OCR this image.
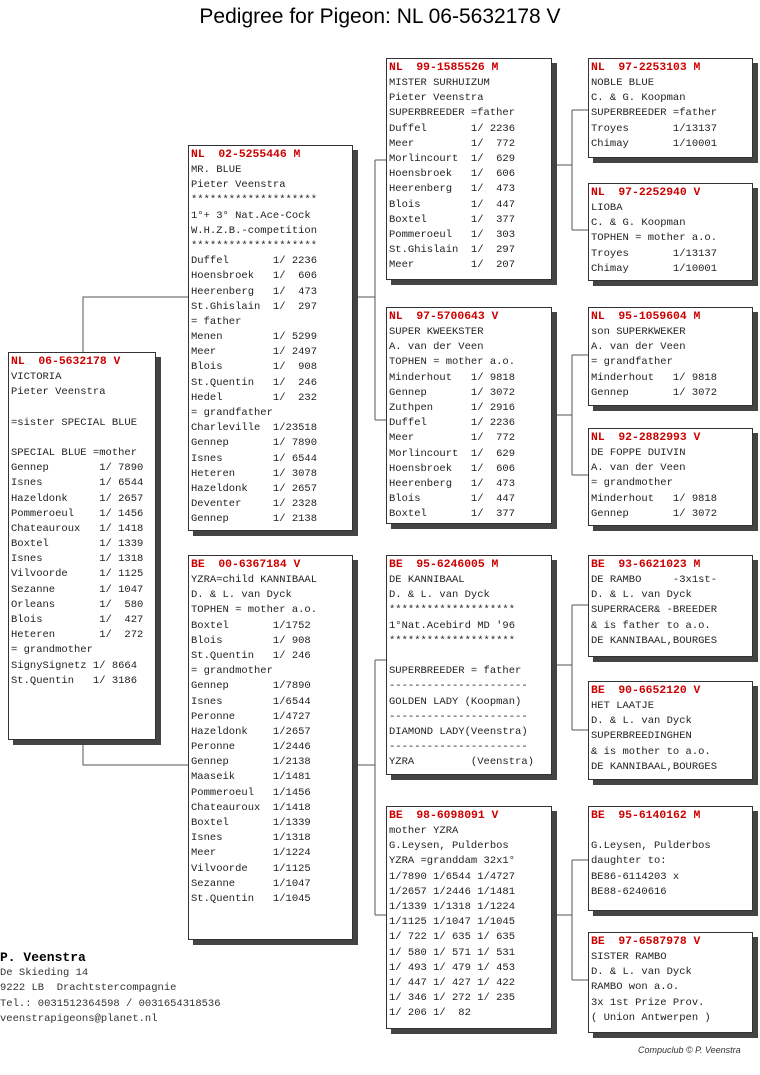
Pedigree for Pigeon: NL 06-5632178 V
NL  06-5632178 V
VICTORIA
Pieter Veenstra
=sister SPECIAL BLUE
SPECIAL BLUE =mother
Gennep        1/ 7890
Isnes         1/ 6544
Hazeldonk     1/ 2657
Pommeroeul    1/ 1456
Chateauroux   1/ 1418
Boxtel        1/ 1339
Isnes         1/ 1318
Vilvoorde     1/ 1125
Sezanne       1/ 1047
Orleans       1/  580
Blois         1/  427
Heteren       1/  272
= grandmother
SignySignetz 1/ 8664
St.Quentin   1/ 3186
NL  02-5255446 M
MR. BLUE
Pieter Veenstra
********************
1°+ 3° Nat.Ace-Cock
W.H.Z.B.-competition
********************
Duffel       1/ 2236
Hoensbroek   1/  606
Heerenberg   1/  473
St.Ghislain  1/  297
= father
Menen        1/ 5299
Meer         1/ 2497
Blois        1/  908
St.Quentin   1/  246
Hedel        1/  232
= grandfather
Charleville  1/23518
Gennep       1/ 7890
Isnes        1/ 6544
Heteren      1/ 3078
Hazeldonk    1/ 2657
Deventer     1/ 2328
Gennep       1/ 2138
BE  00-6367184 V
YZRA=child KANNIBAAL
D. & L. van Dyck
TOPHEN = mother a.o.
Boxtel       1/1752
Blois        1/ 908
St.Quentin   1/ 246
= grandmother
Gennep       1/7890
Isnes        1/6544
Peronne      1/4727
Hazeldonk    1/2657
Peronne      1/2446
Gennep       1/2138
Maaseik      1/1481
Pommeroeul   1/1456
Chateauroux  1/1418
Boxtel       1/1339
Isnes        1/1318
Meer         1/1224
Vilvoorde    1/1125
Sezanne      1/1047
St.Quentin   1/1045
NL  99-1585526 M
MISTER SURHUIZUM
Pieter Veenstra
SUPERBREEDER =father
Duffel       1/ 2236
Meer         1/  772
Morlincourt  1/  629
Hoensbroek   1/  606
Heerenberg   1/  473
Blois        1/  447
Boxtel       1/  377
Pommeroeul   1/  303
St.Ghislain  1/  297
Meer         1/  207
NL  97-5700643 V
SUPER KWEEKSTER
A. van der Veen
TOPHEN = mother a.o.
Minderhout   1/ 9818
Gennep       1/ 3072
Zuthpen      1/ 2916
Duffel       1/ 2236
Meer         1/  772
Morlincourt  1/  629
Hoensbroek   1/  606
Heerenberg   1/  473
Blois        1/  447
Boxtel       1/  377
BE  95-6246005 M
DE KANNIBAAL
D. & L. van Dyck
********************
1°Nat.Acebird MD '96
********************
SUPERBREEDER = father
----------------------
GOLDEN LADY (Koopman)
----------------------
DIAMOND LADY(Veenstra)
----------------------
YZRA         (Veenstra)
BE  98-6098091 V
mother YZRA
G.Leysen, Pulderbos
YZRA =granddam 32x1°
1/7890 1/6544 1/4727
1/2657 1/2446 1/1481
1/1339 1/1318 1/1224
1/1125 1/1047 1/1045
1/ 722 1/ 635 1/ 635
1/ 580 1/ 571 1/ 531
1/ 493 1/ 479 1/ 453
1/ 447 1/ 427 1/ 422
1/ 346 1/ 272 1/ 235
1/ 206 1/  82
NL  97-2253103 M
NOBLE BLUE
C. & G. Koopman
SUPERBREEDER =father
Troyes       1/13137
Chimay       1/10001
NL  97-2252940 V
LIOBA
C. & G. Koopman
TOPHEN = mother a.o.
Troyes       1/13137
Chimay       1/10001
NL  95-1059604 M
son SUPERKWEKER
A. van der Veen
= grandfather
Minderhout   1/ 9818
Gennep       1/ 3072
NL  92-2882993 V
DE FOPPE DUIVIN
A. van der Veen
= grandmother
Minderhout   1/ 9818
Gennep       1/ 3072
BE  93-6621023 M
DE RAMBO     -3x1st-
D. & L. van Dyck
SUPERRACER& -BREEDER
& is father to a.o.
DE KANNIBAAL,BOURGES
BE  90-6652120 V
HET LAATJE
D. & L. van Dyck
SUPERBREEDINGHEN
& is mother to a.o.
DE KANNIBAAL,BOURGES
BE  95-6140162 M
G.Leysen, Pulderbos
daughter to:
BE86-6114203 x
BE88-6240616
BE  97-6587978 V
SISTER RAMBO
D. & L. van Dyck
RAMBO won a.o.
3x 1st Prize Prov.
( Union Antwerpen )
P. Veenstra
De Skieding 14
9222 LB  Drachtstercompagnie
Tel.: 0031512364598 / 0031654318536
veenstrapigeons@planet.nl
Compuclub © P. Veenstra
